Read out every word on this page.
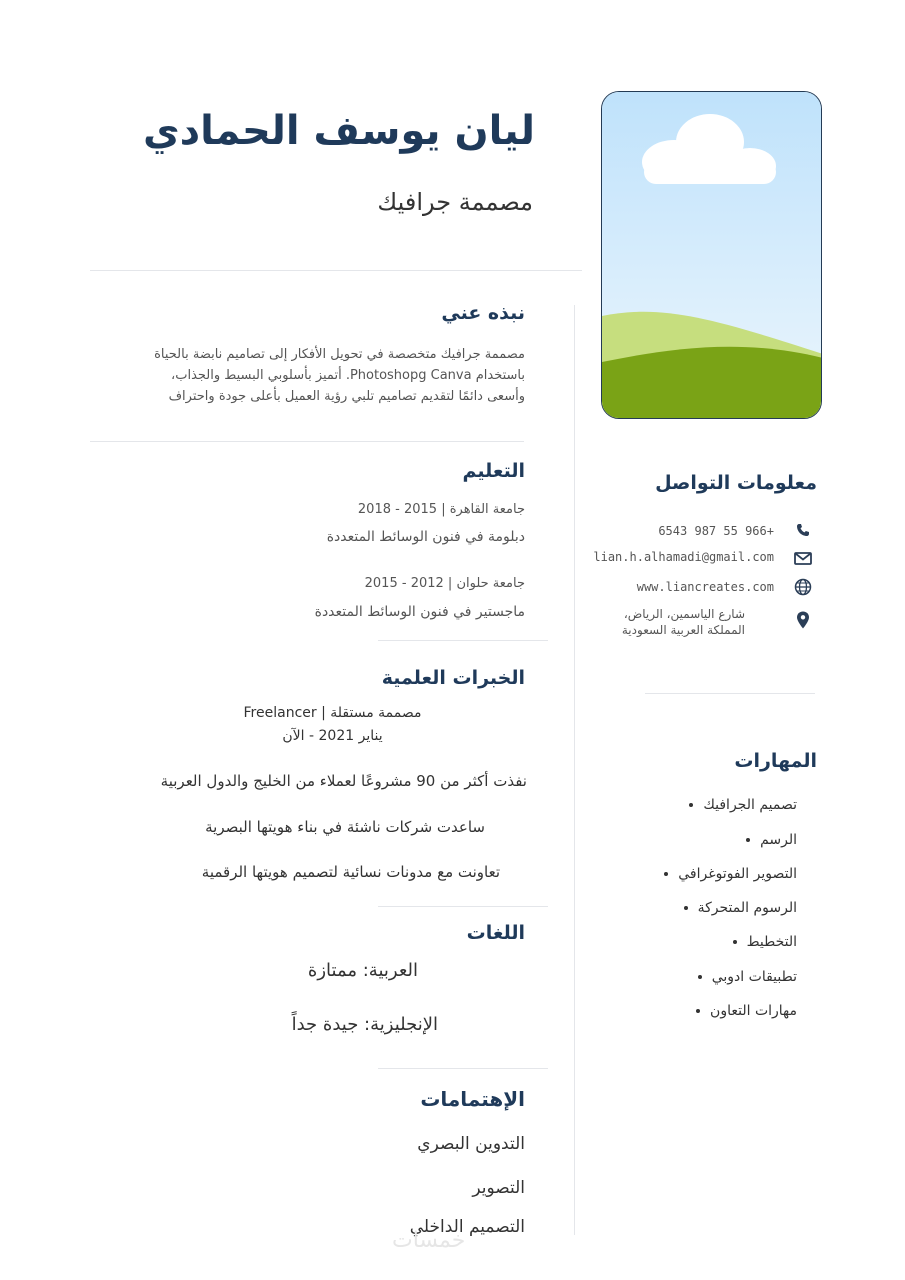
ليان يوسف الحمادي
مصممة جرافيك
نبذه عني
مصممة جرافيك متخصصة في تحويل الأفكار إلى تصاميم نابضة بالحياة
باستخدام Photoshopg Canva. أتميز بأسلوبي البسيط والجذاب،
وأسعى دائمًا لتقديم تصاميم تلبي رؤية العميل بأعلى جودة واحتراف
التعليم
جامعة القاهرة | 2015 - 2018
دبلومة في فنون الوسائط المتعددة
جامعة حلوان | 2012 - 2015
ماجستير في فنون الوسائط المتعددة
الخبرات العلمية
مصممة مستقلة | Freelancer
يناير 2021 - الآن
نفذت أكثر من 90 مشروعًا لعملاء من الخليج والدول العربية
ساعدت شركات ناشئة في بناء هويتها البصرية
تعاونت مع مدونات نسائية لتصميم هويتها الرقمية
اللغات
العربية: ممتازة
الإنجليزية: جيدة جداً
الإهتمامات
التدوين البصري
التصوير
التصميم الداخلي
معلومات التواصل
+966 55 987 6543
lian.h.alhamadi@gmail.com
www.liancreates.com
شارع الياسمين، الرياض،
المملكة العربية السعودية
المهارات
تصميم الجرافيك
الرسم
التصوير الفوتوغرافي
الرسوم المتحركة
التخطيط
تطبيقات ادوبي
مهارات التعاون
خمسات
